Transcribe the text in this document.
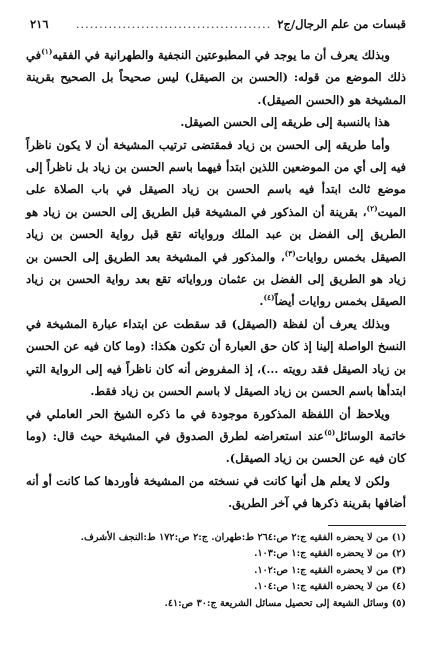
قبسات من علم الرجال/ج٢
..........................................
٢١٦

وبذلك يعرف أن ما يوجد في المطبوعتين النجفية والطهرانية في الفقيه$^{(١)}$في ذلك الموضع من قوله: (الحسن بن الصيقل) ليس صحيحاً بل الصحيح بقرينة المشيخة هو (الحسن الصيقل).

هذا بالنسبة إلى طريقه إلى الحسن الصيقل.

وأما طريقه إلى الحسن بن زياد فمقتضى ترتيب المشيخة أن لا يكون ناظراً فيه إلى أي من الموضعين اللذين ابتدأ فيهما باسم الحسن بن زياد بل ناظراً إلى موضع ثالث ابتدأ فيه باسم الحسن بن زياد الصيقل في باب الصلاة على الميت$^{(٢)}$، بقرينة أن المذكور في المشيخة قبل الطريق إلى الحسن بن زياد هو الطريق إلى الفضل بن عبد الملك ورواياته تقع قبل رواية الحسن بن زياد الصيقل بخمس روايات$^{(٣)}$، والمذكور في المشيخة بعد الطريق إلى الحسن بن زياد هو الطريق إلى الفضل بن عثمان ورواياته تقع بعد رواية الحسن بن زياد الصيقل بخمس روايات أيضاً$^{(٤)}$.

وبذلك يعرف أن لفظة (الصيقل) قد سقطت عن ابتداء عبارة المشيخة في النسخ الواصلة إلينا إذ كان حق العبارة أن تكون هكذا: (وما كان فيه عن الحسن بن زياد الصيقل فقد رويته ...)، إذ المفروض أنه كان ناظراً فيه إلى الرواية التي ابتدأها باسم الحسن بن زياد الصيقل لا باسم الحسن بن زياد فقط.

ويلاحظ أن اللفظة المذكورة موجودة في ما ذكره الشيخ الحر العاملي في خاتمة الوسائل$^{(٥)}$عند استعراضه لطرق الصدوق في المشيخة حيث قال: (وما كان فيه عن الحسن بن زياد الصيقل).

ولكن لا يعلم هل أنها كانت في نسخته من المشيخة فأوردها كما كانت أو أنه أضافها بقرينة ذكرها في آخر الطريق.

(١) من لا يحضره الفقيه ج:٢ ص:٢٦٤ ط:طهران. ج:٢ ص:١٧٢ ط:النجف الأشرف.
(٢) من لا يحضره الفقيه ج:١ ص:١٠٣.
(٣) من لا يحضره الفقيه ج:١ ص:١٠٢.
(٤) من لا يحضره الفقيه ج:١ ص:١٠٤.
(٥) وسائل الشيعة إلى تحصيل مسائل الشريعة ج:٣٠ ص:٤١.
